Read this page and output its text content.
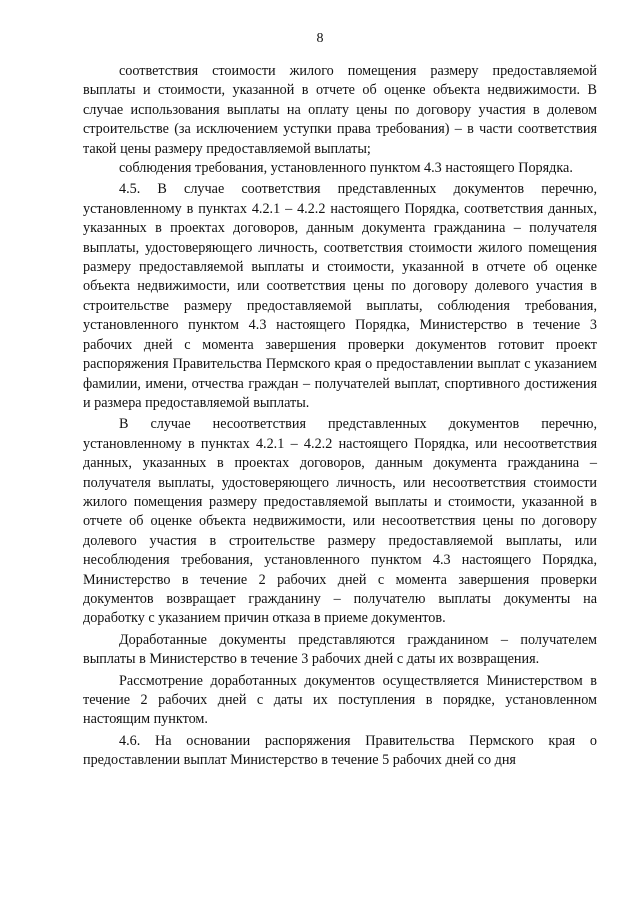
8

соответствия стоимости жилого помещения размеру предоставляемой выплаты и стоимости, указанной в отчете об оценке объекта недвижимости. В случае использования выплаты на оплату цены по договору участия в долевом строительстве (за исключением уступки права требования) – в части соответствия такой цены размеру предоставляемой выплаты;

соблюдения требования, установленного пунктом 4.3 настоящего Порядка.

4.5. В случае соответствия представленных документов перечню, установленному в пунктах 4.2.1 – 4.2.2 настоящего Порядка, соответствия данных, указанных в проектах договоров, данным документа гражданина – получателя выплаты, удостоверяющего личность, соответствия стоимости жилого помещения размеру предоставляемой выплаты и стоимости, указанной в отчете об оценке объекта недвижимости, или соответствия цены по договору долевого участия в строительстве размеру предоставляемой выплаты, соблюдения требования, установленного пунктом 4.3 настоящего Порядка, Министерство в течение 3 рабочих дней с момента завершения проверки документов готовит проект распоряжения Правительства Пермского края о предоставлении выплат с указанием фамилии, имени, отчества граждан – получателей выплат, спортивного достижения и размера предоставляемой выплаты.

В случае несоответствия представленных документов перечню, установленному в пунктах 4.2.1 – 4.2.2 настоящего Порядка, или несоответствия данных, указанных в проектах договоров, данным документа гражданина – получателя выплаты, удостоверяющего личность, или несоответствия стоимости жилого помещения размеру предоставляемой выплаты и стоимости, указанной в отчете об оценке объекта недвижимости, или несоответствия цены по договору долевого участия в строительстве размеру предоставляемой выплаты, или несоблюдения требования, установленного пунктом 4.3 настоящего Порядка, Министерство в течение 2 рабочих дней с момента завершения проверки документов возвращает гражданину – получателю выплаты документы на доработку с указанием причин отказа в приеме документов.

Доработанные документы представляются гражданином – получателем выплаты в Министерство в течение 3 рабочих дней с даты их возвращения.

Рассмотрение доработанных документов осуществляется Министерством в течение 2 рабочих дней с даты их поступления в порядке, установленном настоящим пунктом.

4.6. На основании распоряжения Правительства Пермского края о предоставлении выплат Министерство в течение 5 рабочих дней со дня
